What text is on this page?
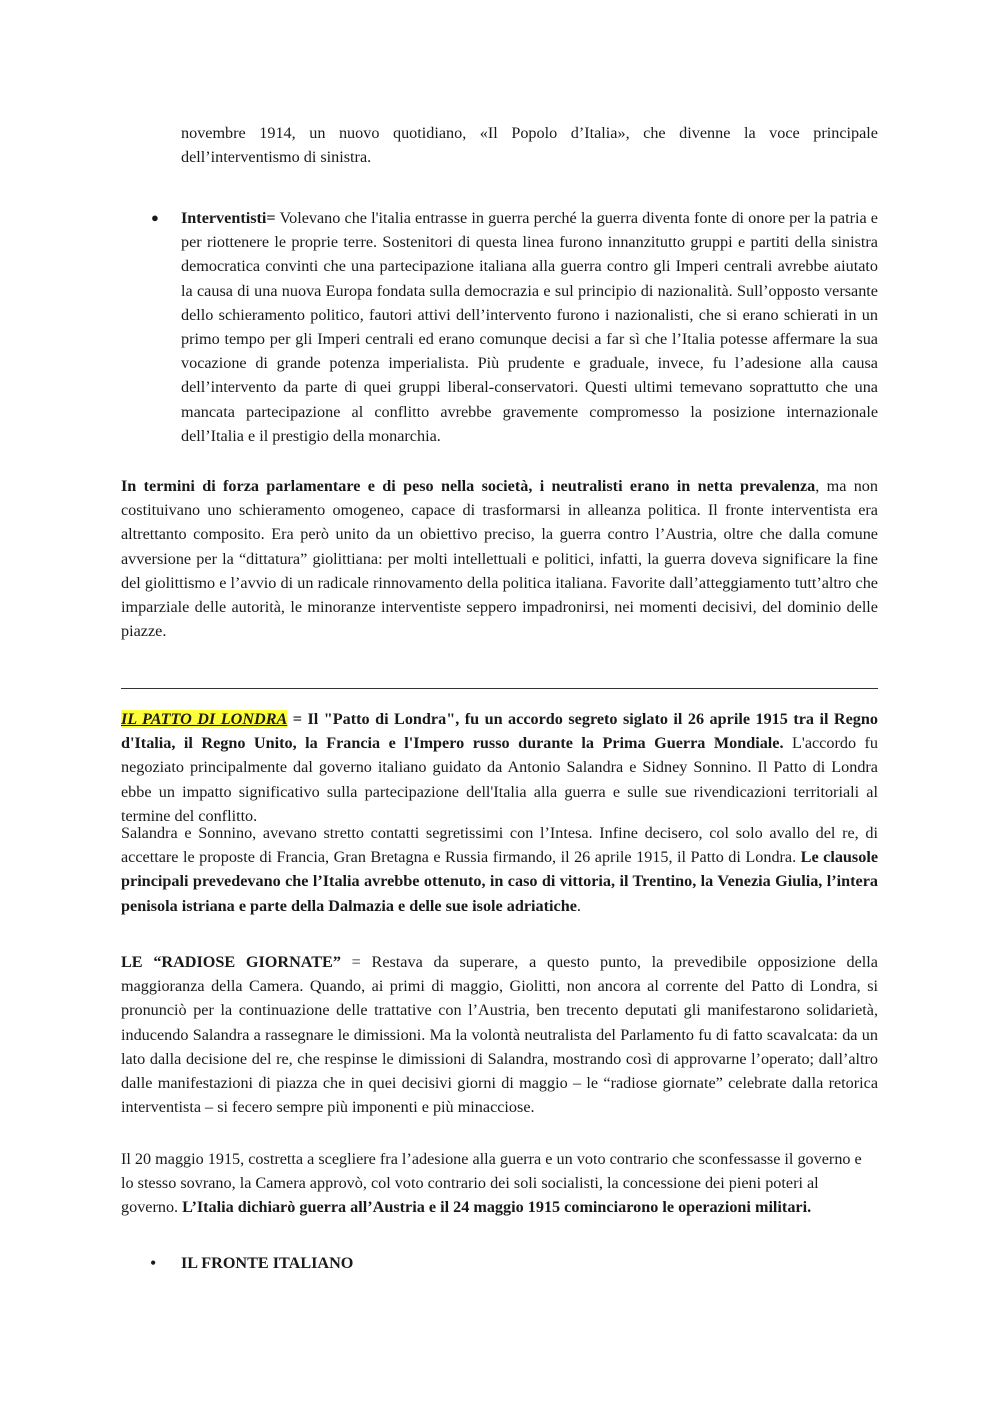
novembre 1914, un nuovo quotidiano, «Il Popolo d’Italia», che divenne la voce principale dell’interventismo di sinistra.

● Interventisti= Volevano che l'italia entrasse in guerra perché la guerra diventa fonte di onore per la patria e per riottenere le proprie terre. Sostenitori di questa linea furono innanzitutto gruppi e partiti della sinistra democratica convinti che una partecipazione italiana alla guerra contro gli Imperi centrali avrebbe aiutato la causa di una nuova Europa fondata sulla democrazia e sul principio di nazionalità. Sull’opposto versante dello schieramento politico, fautori attivi dell’intervento furono i nazionalisti, che si erano schierati in un primo tempo per gli Imperi centrali ed erano comunque decisi a far sì che l’Italia potesse affermare la sua vocazione di grande potenza imperialista. Più prudente e graduale, invece, fu l’adesione alla causa dell’intervento da parte di quei gruppi liberal-conservatori. Questi ultimi temevano soprattutto che una mancata partecipazione al conflitto avrebbe gravemente compromesso la posizione internazionale dell’Italia e il prestigio della monarchia.

In termini di forza parlamentare e di peso nella società, i neutralisti erano in netta prevalenza, ma non costituivano uno schieramento omogeneo, capace di trasformarsi in alleanza politica. Il fronte interventista era altrettanto composito. Era però unito da un obiettivo preciso, la guerra contro l’Austria, oltre che dalla comune avversione per la “dittatura” giolittiana: per molti intellettuali e politici, infatti, la guerra doveva significare la fine del giolittismo e l’avvio di un radicale rinnovamento della politica italiana. Favorite dall’atteggiamento tutt’altro che imparziale delle autorità, le minoranze interventiste seppero impadronirsi, nei momenti decisivi, del dominio delle piazze.

IL PATTO DI LONDRA = Il "Patto di Londra", fu un accordo segreto siglato il 26 aprile 1915 tra il Regno d'Italia, il Regno Unito, la Francia e l'Impero russo durante la Prima Guerra Mondiale. L'accordo fu negoziato principalmente dal governo italiano guidato da Antonio Salandra e Sidney Sonnino. Il Patto di Londra ebbe un impatto significativo sulla partecipazione dell'Italia alla guerra e sulle sue rivendicazioni territoriali al termine del conflitto.

Salandra e Sonnino, avevano stretto contatti segretissimi con l’Intesa. Infine decisero, col solo avallo del re, di accettare le proposte di Francia, Gran Bretagna e Russia firmando, il 26 aprile 1915, il Patto di Londra. Le clausole principali prevedevano che l’Italia avrebbe ottenuto, in caso di vittoria, il Trentino, la Venezia Giulia, l’intera penisola istriana e parte della Dalmazia e delle sue isole adriatiche.

LE “RADIOSE GIORNATE” = Restava da superare, a questo punto, la prevedibile opposizione della maggioranza della Camera. Quando, ai primi di maggio, Giolitti, non ancora al corrente del Patto di Londra, si pronunciò per la continuazione delle trattative con l’Austria, ben trecento deputati gli manifestarono solidarietà, inducendo Salandra a rassegnare le dimissioni. Ma la volontà neutralista del Parlamento fu di fatto scavalcata: da un lato dalla decisione del re, che respinse le dimissioni di Salandra, mostrando così di approvarne l’operato; dall’altro dalle manifestazioni di piazza che in quei decisivi giorni di maggio – le “radiose giornate” celebrate dalla retorica interventista – si fecero sempre più imponenti e più minacciose.

Il 20 maggio 1915, costretta a scegliere fra l’adesione alla guerra e un voto contrario che sconfessasse il governo e lo stesso sovrano, la Camera approvò, col voto contrario dei soli socialisti, la concessione dei pieni poteri al governo. L’Italia dichiarò guerra all’Austria e il 24 maggio 1915 cominciarono le operazioni militari.

• IL FRONTE ITALIANO
